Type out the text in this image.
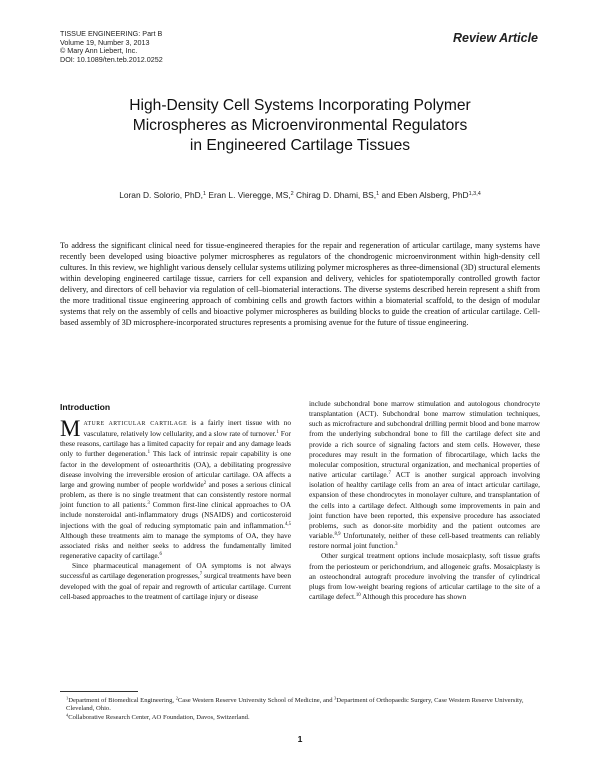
TISSUE ENGINEERING: Part B
Volume 19, Number 3, 2013
© Mary Ann Liebert, Inc.
DOI: 10.1089/ten.teb.2012.0252
Review Article
High-Density Cell Systems Incorporating Polymer
Microspheres as Microenvironmental Regulators
in Engineered Cartilage Tissues
Loran D. Solorio, PhD,$^1$ Eran L. Vieregge, MS,$^2$ Chirag D. Dhami, BS,$^1$ and Eben Alsberg, PhD$^{1,3,4}$
To address the significant clinical need for tissue-engineered therapies for the repair and regeneration of articular cartilage, many systems have recently been developed using bioactive polymer microspheres as regulators of the chondrogenic microenvironment within high-density cell cultures. In this review, we highlight various densely cellular systems utilizing polymer microspheres as three-dimensional (3D) structural elements within developing engineered cartilage tissue, carriers for cell expansion and delivery, vehicles for spatiotemporally controlled growth factor delivery, and directors of cell behavior via regulation of cell–biomaterial interactions. The diverse systems described herein represent a shift from the more traditional tissue engineering approach of combining cells and growth factors within a biomaterial scaffold, to the design of modular systems that rely on the assembly of cells and bioactive polymer microspheres as building blocks to guide the creation of articular cartilage. Cell-based assembly of 3D microsphere-incorporated structures represents a promising avenue for the future of tissue engineering.
Introduction

MATURE ARTICULAR CARTILAGE is a fairly inert tissue with no vasculature, relatively low cellularity, and a slow rate of turnover.$^1$ For these reasons, cartilage has a limited capacity for repair and any damage leads only to further degeneration.$^1$ This lack of intrinsic repair capability is one factor in the development of osteoarthritis (OA), a debilitating progressive disease involving the irreversible erosion of articular cartilage. OA affects a large and growing number of people worldwide$^2$ and poses a serious clinical problem, as there is no single treatment that can consistently restore normal joint function to all patients.$^3$ Common first-line clinical approaches to OA include nonsteroidal anti-inflammatory drugs (NSAIDS) and corticosteroid injections with the goal of reducing symptomatic pain and inflammation.$^{4,5}$ Although these treatments aim to manage the symptoms of OA, they have associated risks and neither seeks to address the fundamentally limited regenerative capacity of cartilage.$^6$

Since pharmaceutical management of OA symptoms is not always successful as cartilage degeneration progresses,$^7$ surgical treatments have been developed with the goal of repair and regrowth of articular cartilage. Current cell-based approaches to the treatment of cartilage injury or disease

include subchondral bone marrow stimulation and autologous chondrocyte transplantation (ACT). Subchondral bone marrow stimulation techniques, such as microfracture and subchondral drilling permit blood and bone marrow from the underlying subchondral bone to fill the cartilage defect site and provide a rich source of signaling factors and stem cells. However, these procedures may result in the formation of fibrocartilage, which lacks the molecular composition, structural organization, and mechanical properties of native articular cartilage.$^7$ ACT is another surgical approach involving isolation of healthy cartilage cells from an area of intact articular cartilage, expansion of these chondrocytes in monolayer culture, and transplantation of the cells into a cartilage defect. Although some improvements in pain and joint function have been reported, this expensive procedure has associated problems, such as donor-site morbidity and the patient outcomes are variable.$^{8,9}$ Unfortunately, neither of these cell-based treatments can reliably restore normal joint function.$^3$

Other surgical treatment options include mosaicplasty, soft tissue grafts from the periosteum or perichondrium, and allogeneic grafts. Mosaicplasty is an osteochondral autograft procedure involving the transfer of cylindrical plugs from low-weight bearing regions of articular cartilage to the site of a cartilage defect.$^{10}$ Although this procedure has shown

$^1$Department of Biomedical Engineering, $^2$Case Western Reserve University School of Medicine, and $^3$Department of Orthopaedic Surgery, Case Western Reserve University, Cleveland, Ohio.

$^4$Collaborative Research Center, AO Foundation, Davos, Switzerland.

1
